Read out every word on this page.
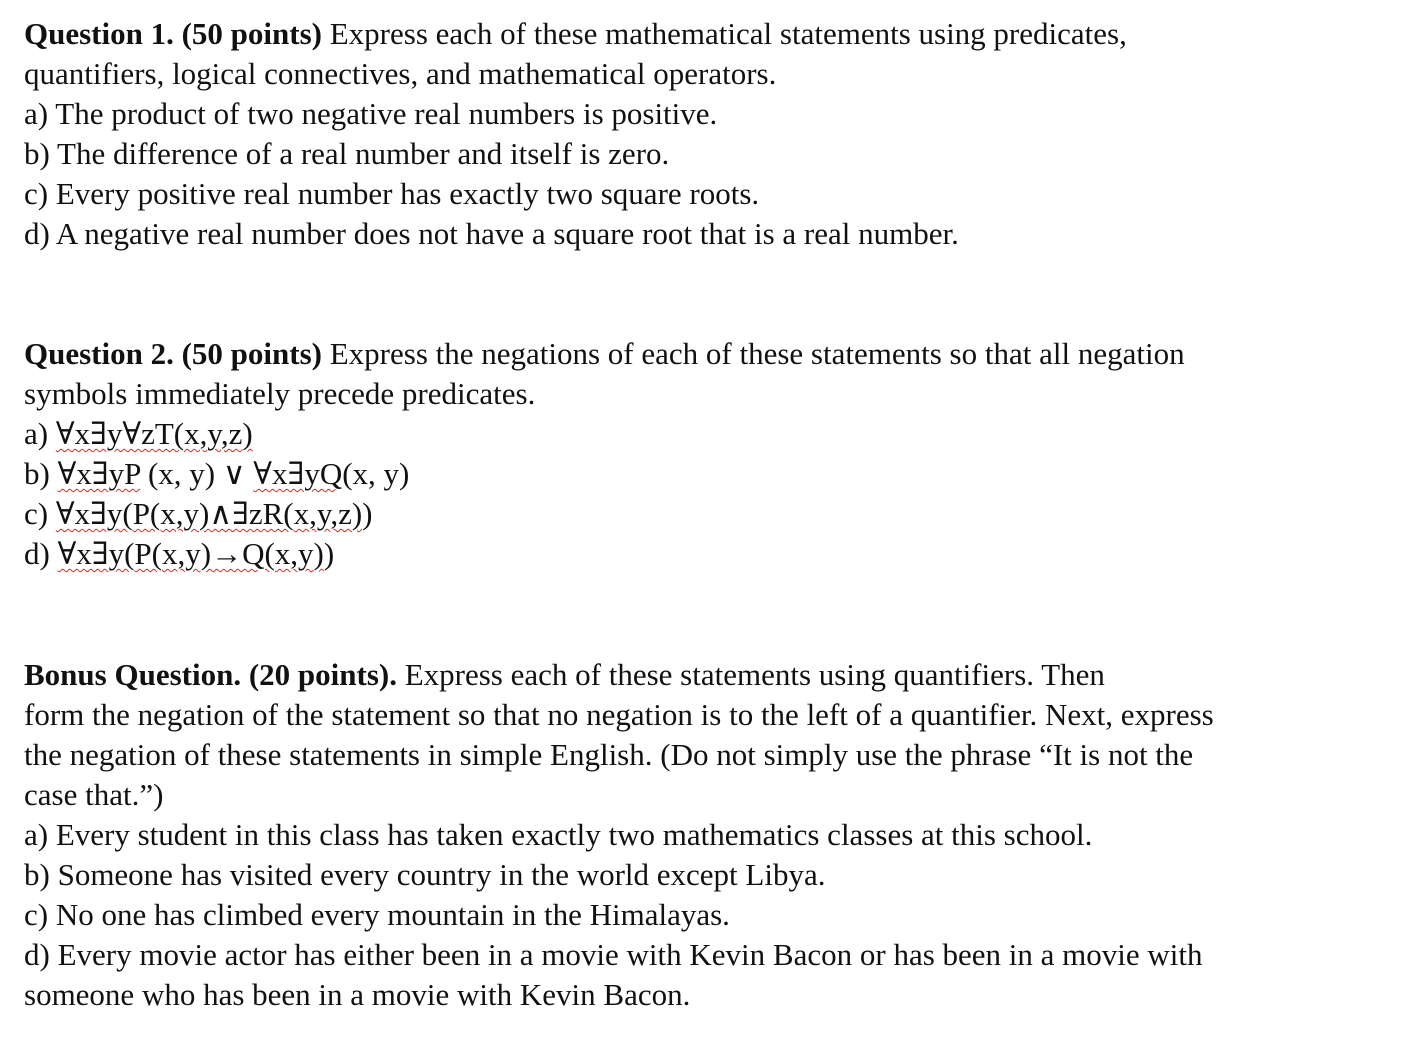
Question 1. (50 points) Express each of these mathematical statements using predicates,

quantifiers, logical connectives, and mathematical operators.

a) The product of two negative real numbers is positive.

b) The difference of a real number and itself is zero.

c) Every positive real number has exactly two square roots.

d) A negative real number does not have a square root that is a real number.

Question 2. (50 points) Express the negations of each of these statements so that all negation

symbols immediately precede predicates.

a) ∀x∃y∀zT(x,y,z)

b) ∀x∃yP (x, y) ∨ ∀x∃yQ(x, y)

c) ∀x∃y(P(x,y)∧∃zR(x,y,z))

d) ∀x∃y(P(x,y)→Q(x,y))

Bonus Question. (20 points). Express each of these statements using quantifiers. Then

form the negation of the statement so that no negation is to the left of a quantifier. Next, express

the negation of these statements in simple English. (Do not simply use the phrase “It is not the

case that.”)

a) Every student in this class has taken exactly two mathematics classes at this school.

b) Someone has visited every country in the world except Libya.

c) No one has climbed every mountain in the Himalayas.

d) Every movie actor has either been in a movie with Kevin Bacon or has been in a movie with

someone who has been in a movie with Kevin Bacon.
